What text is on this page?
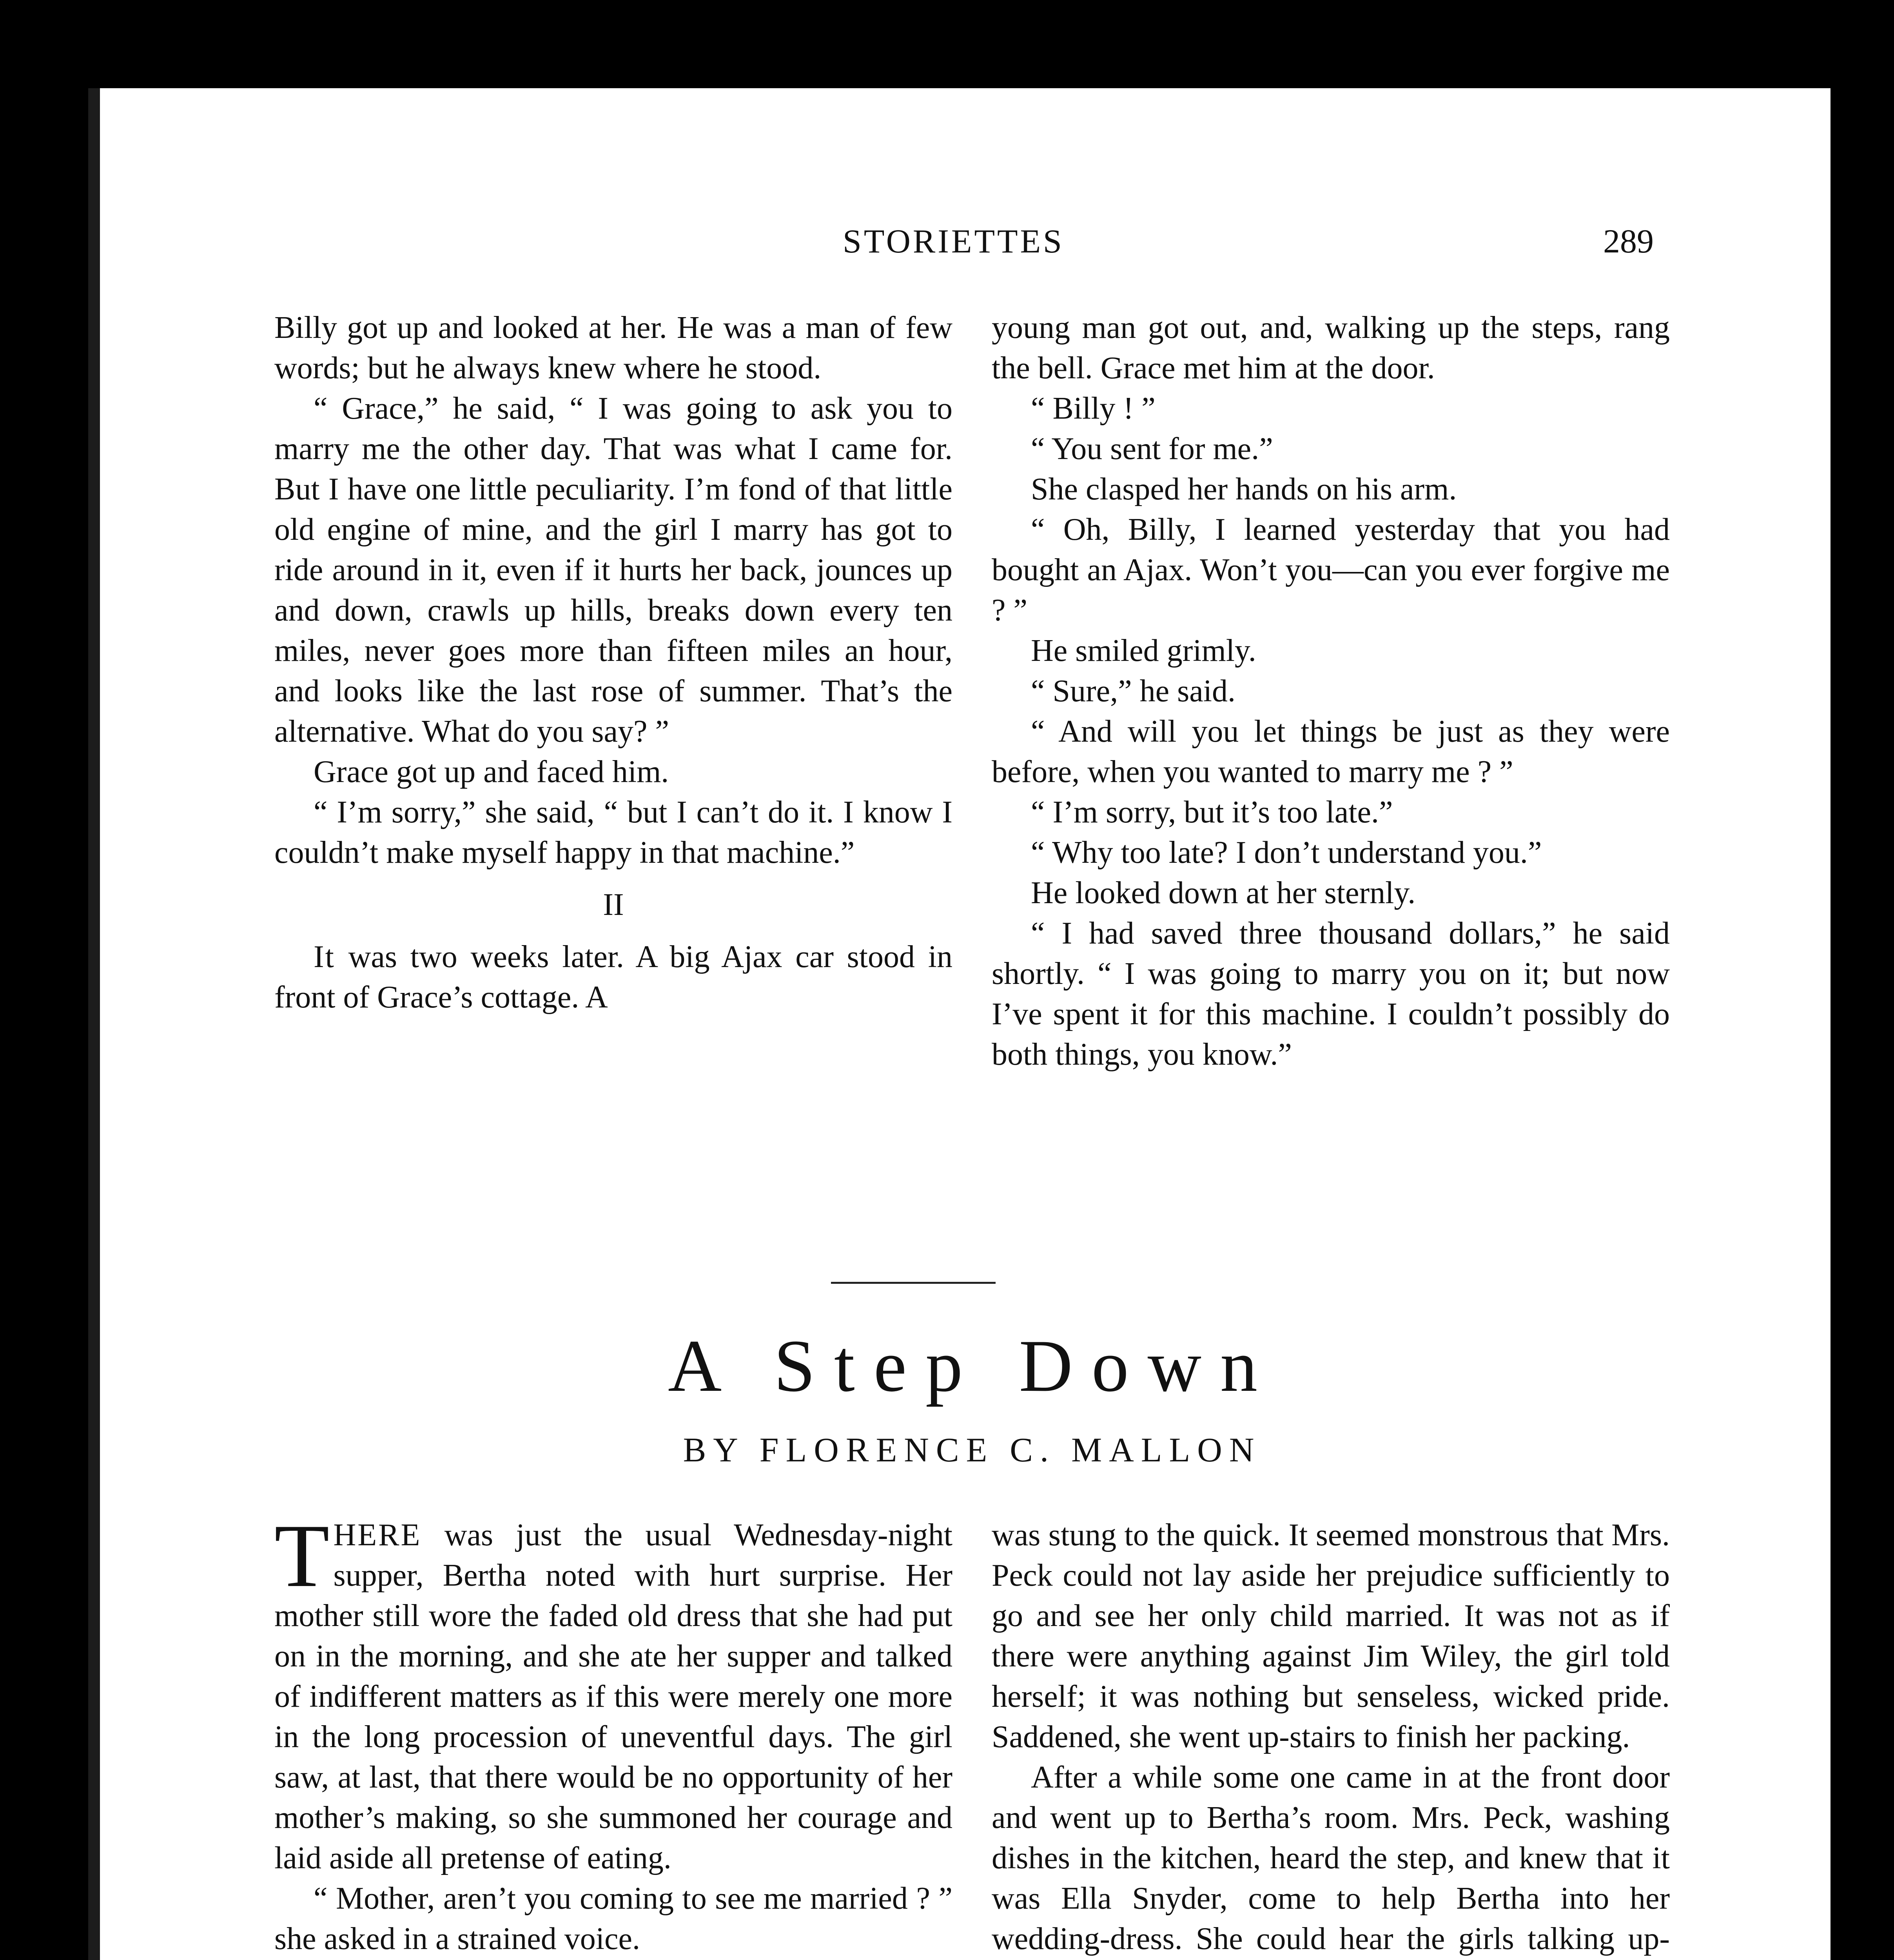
STORIETTES	289

Billy got up and looked at her. He was a man of few words; but he always knew where he stood.

“ Grace,” he said, “ I was going to ask you to marry me the other day. That was what I came for. But I have one little peculiarity. I’m fond of that little old engine of mine, and the girl I marry has got to ride around in it, even if it hurts her back, jounces up and down, crawls up hills, breaks down every ten miles, never goes more than fifteen miles an hour, and looks like the last rose of summer. That’s the alternative. What do you say? ”

Grace got up and faced him.

“ I’m sorry,” she said, “ but I can’t do it. I know I couldn’t make myself happy in that machine.”

II

It was two weeks later. A big Ajax car stood in front of Grace’s cottage. A

young man got out, and, walking up the steps, rang the bell. Grace met him at the door.

“ Billy ! ”

“ You sent for me.”

She clasped her hands on his arm.

“ Oh, Billy, I learned yesterday that you had bought an Ajax. Won’t you—can you ever forgive me ? ”

He smiled grimly.

“ Sure,” he said.

“ And will you let things be just as they were before, when you wanted to marry me ? ”

“ I’m sorry, but it’s too late.”

“ Why too late? I don’t understand you.”

He looked down at her sternly.

“ I had saved three thousand dollars,” he said shortly. “ I was going to marry you on it; but now I’ve spent it for this machine. I couldn’t possibly do both things, you know.”

A Step Down
BY FLORENCE C. MALLON

THERE was just the usual Wednesday-night supper, Bertha noted with hurt surprise. Her mother still wore the faded old dress that she had put on in the morning, and she ate her supper and talked of indifferent matters as if this were merely one more in the long procession of uneventful days. The girl saw, at last, that there would be no opportunity of her mother’s making, so she summoned her courage and laid aside all pretense of eating.

“ Mother, aren’t you coming to see me married ? ” she asked in a strained voice.

was stung to the quick. It seemed monstrous that Mrs. Peck could not lay aside her prejudice sufficiently to go and see her only child married. It was not as if there were anything against Jim Wiley, the girl told herself; it was nothing but senseless, wicked pride. Saddened, she went up-stairs to finish her packing.

After a while some one came in at the front door and went up to Bertha’s room. Mrs. Peck, washing dishes in the kitchen, heard the step, and knew that it was Ella Snyder, come to help Bertha into her wedding-dress. She could hear the girls talking up-
